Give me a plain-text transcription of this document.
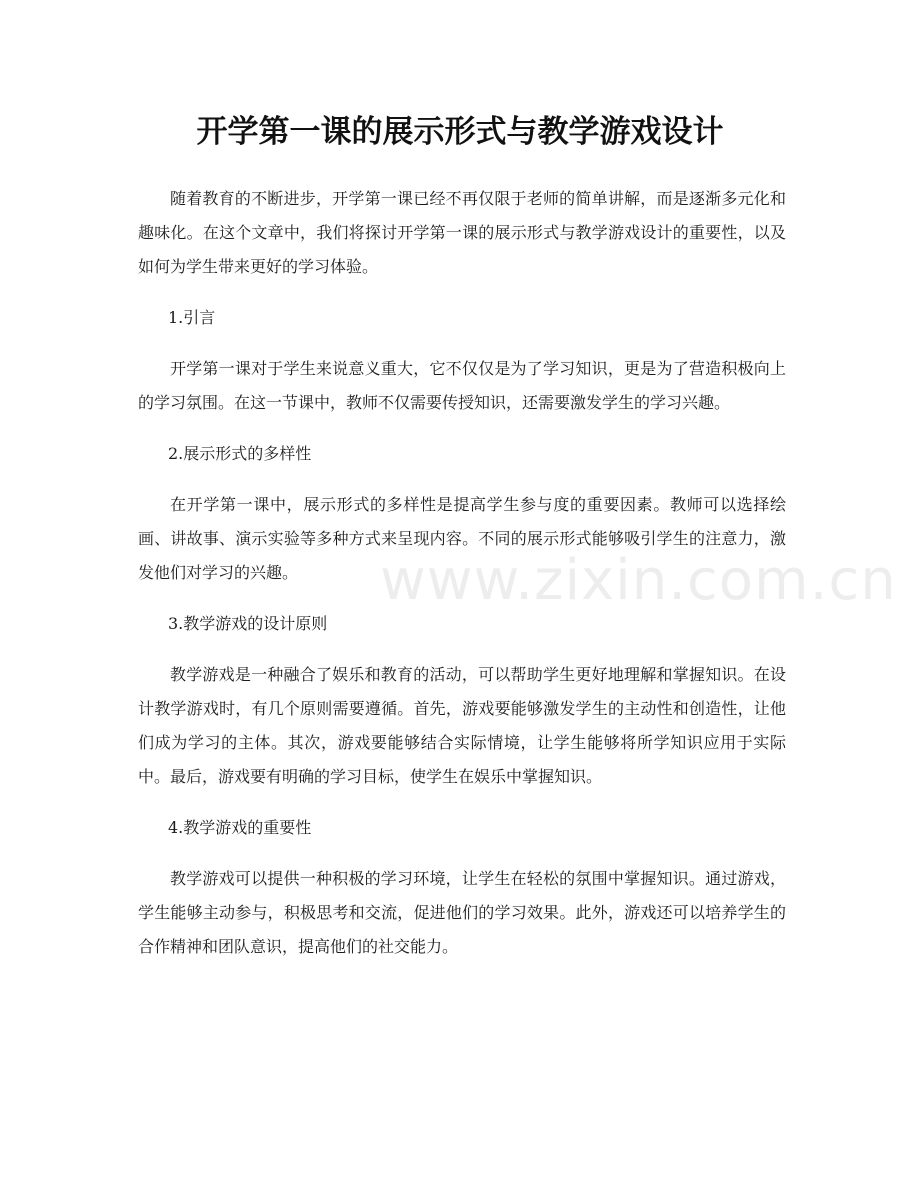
www.zixin.com.cn
开学第一课的展示形式与教学游戏设计

随着教育的不断进步，开学第一课已经不再仅限于老师的简单讲解，而是逐渐多元化和趣味化。在这个文章中，我们将探讨开学第一课的展示形式与教学游戏设计的重要性，以及如何为学生带来更好的学习体验。

1.引言

开学第一课对于学生来说意义重大，它不仅仅是为了学习知识，更是为了营造积极向上的学习氛围。在这一节课中，教师不仅需要传授知识，还需要激发学生的学习兴趣。

2.展示形式的多样性

在开学第一课中，展示形式的多样性是提高学生参与度的重要因素。教师可以选择绘画、讲故事、演示实验等多种方式来呈现内容。不同的展示形式能够吸引学生的注意力，激发他们对学习的兴趣。

3.教学游戏的设计原则

教学游戏是一种融合了娱乐和教育的活动，可以帮助学生更好地理解和掌握知识。在设计教学游戏时，有几个原则需要遵循。首先，游戏要能够激发学生的主动性和创造性，让他们成为学习的主体。其次，游戏要能够结合实际情境，让学生能够将所学知识应用于实际中。最后，游戏要有明确的学习目标，使学生在娱乐中掌握知识。

4.教学游戏的重要性

教学游戏可以提供一种积极的学习环境，让学生在轻松的氛围中掌握知识。通过游戏，学生能够主动参与，积极思考和交流，促进他们的学习效果。此外，游戏还可以培养学生的合作精神和团队意识，提高他们的社交能力。
